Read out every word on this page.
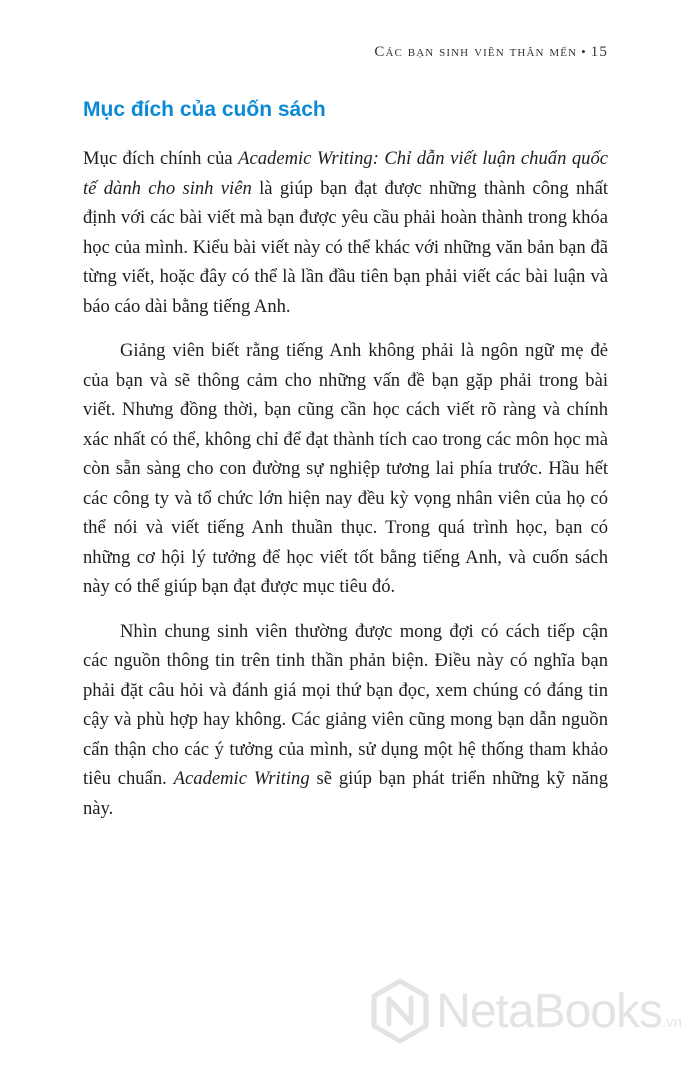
Các bạn sinh viên thân mến • 15
Mục đích của cuốn sách

Mục đích chính của Academic Writing: Chỉ dẫn viết luận chuẩn quốc tế dành cho sinh viên là giúp bạn đạt được những thành công nhất định với các bài viết mà bạn được yêu cầu phải hoàn thành trong khóa học của mình. Kiểu bài viết này có thể khác với những văn bản bạn đã từng viết, hoặc đây có thể là lần đầu tiên bạn phải viết các bài luận và báo cáo dài bằng tiếng Anh.

Giảng viên biết rằng tiếng Anh không phải là ngôn ngữ mẹ đẻ của bạn và sẽ thông cảm cho những vấn đề bạn gặp phải trong bài viết. Nhưng đồng thời, bạn cũng cần học cách viết rõ ràng và chính xác nhất có thể, không chỉ để đạt thành tích cao trong các môn học mà còn sẵn sàng cho con đường sự nghiệp tương lai phía trước. Hầu hết các công ty và tổ chức lớn hiện nay đều kỳ vọng nhân viên của họ có thể nói và viết tiếng Anh thuần thục. Trong quá trình học, bạn có những cơ hội lý tưởng để học viết tốt bằng tiếng Anh, và cuốn sách này có thể giúp bạn đạt được mục tiêu đó.

Nhìn chung sinh viên thường được mong đợi có cách tiếp cận các nguồn thông tin trên tinh thần phản biện. Điều này có nghĩa bạn phải đặt câu hỏi và đánh giá mọi thứ bạn đọc, xem chúng có đáng tin cậy và phù hợp hay không. Các giảng viên cũng mong bạn dẫn nguồn cẩn thận cho các ý tưởng của mình, sử dụng một hệ thống tham khảo tiêu chuẩn. Academic Writing sẽ giúp bạn phát triển những kỹ năng này.

NetaBooks .vn
